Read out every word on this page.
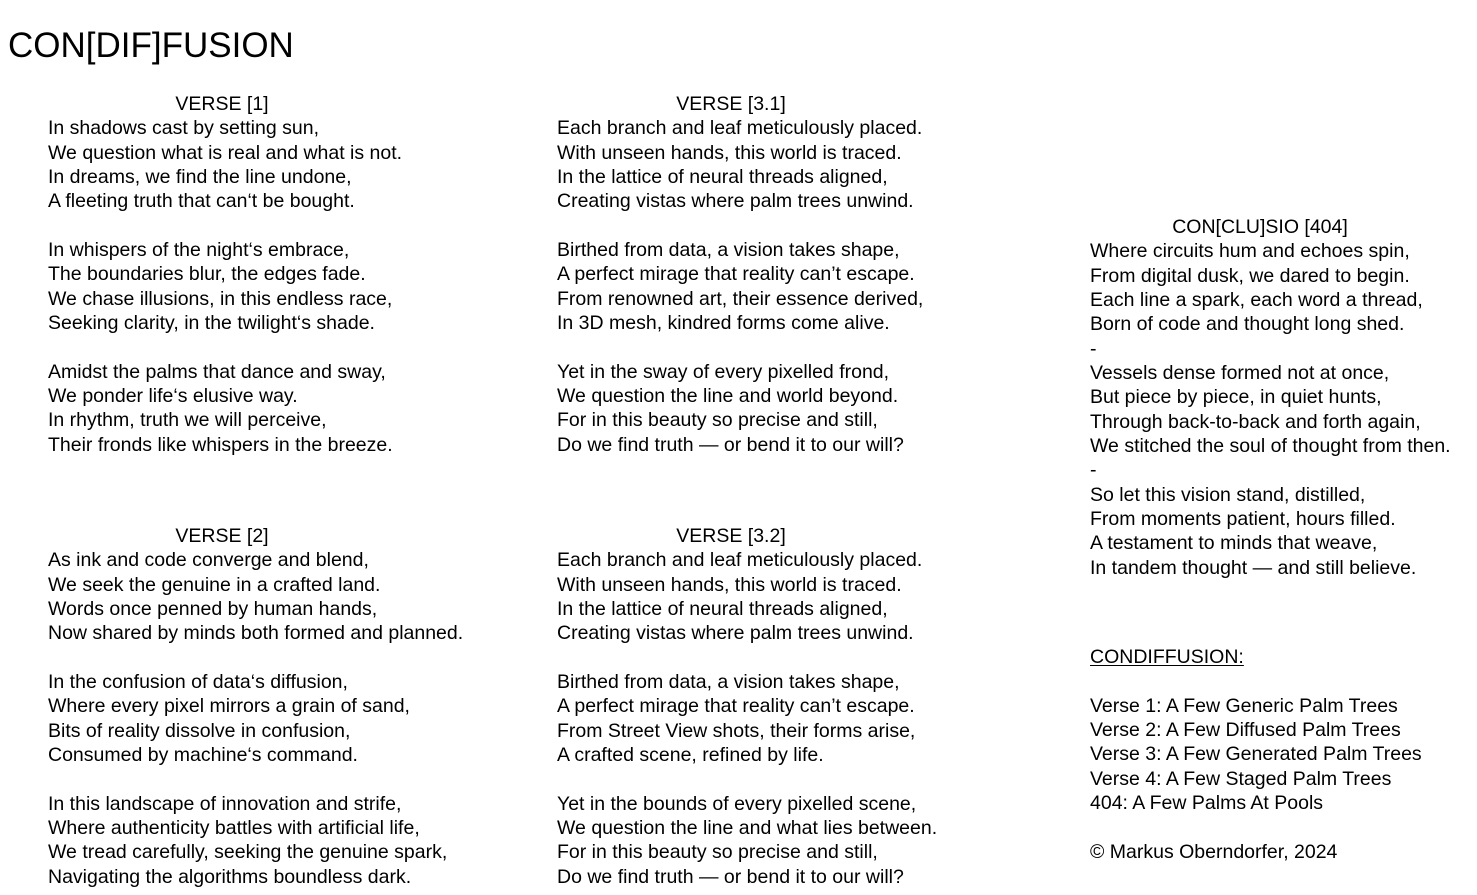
CON[DIF]FUSION
VERSE [1]
In shadows cast by setting sun,
We question what is real and what is not.
In dreams, we find the line undone,
A fleeting truth that can‘t be bought.
In whispers of the night‘s embrace,
The boundaries blur, the edges fade.
We chase illusions, in this endless race,
Seeking clarity, in the twilight‘s shade.
Amidst the palms that dance and sway,
We ponder life‘s elusive way.
In rhythm, truth we will perceive,
Their fronds like whispers in the breeze.
VERSE [2]
As ink and code converge and blend,
We seek the genuine in a crafted land.
Words once penned by human hands,
Now shared by minds both formed and planned.
In the confusion of data‘s diffusion,
Where every pixel mirrors a grain of sand,
Bits of reality dissolve in confusion,
Consumed by machine‘s command.
In this landscape of innovation and strife,
Where authenticity battles with artificial life,
We tread carefully, seeking the genuine spark,
Navigating the algorithms boundless dark.
VERSE [3.1]
Each branch and leaf meticulously placed.
With unseen hands, this world is traced.
In the lattice of neural threads aligned,
Creating vistas where palm trees unwind.
Birthed from data, a vision takes shape,
A perfect mirage that reality can’t escape.
From renowned art, their essence derived,
In 3D mesh, kindred forms come alive.
Yet in the sway of every pixelled frond,
We question the line and world beyond.
For in this beauty so precise and still,
Do we find truth — or bend it to our will?
VERSE [3.2]
Each branch and leaf meticulously placed.
With unseen hands, this world is traced.
In the lattice of neural threads aligned,
Creating vistas where palm trees unwind.
Birthed from data, a vision takes shape,
A perfect mirage that reality can’t escape.
From Street View shots, their forms arise,
A crafted scene, refined by life.
Yet in the bounds of every pixelled scene,
We question the line and what lies between.
For in this beauty so precise and still,
Do we find truth — or bend it to our will?
CON[CLU]SIO [404]
Where circuits hum and echoes spin,
From digital dusk, we dared to begin.
Each line a spark, each word a thread,
Born of code and thought long shed.
-
Vessels dense formed not at once,
But piece by piece, in quiet hunts,
Through back-to-back and forth again,
We stitched the soul of thought from then.
-
So let this vision stand, distilled,
From moments patient, hours filled.
A testament to minds that weave,
In tandem thought — and still believe.
CONDIFFUSION:
Verse 1: A Few Generic Palm Trees
Verse 2: A Few Diffused Palm Trees
Verse 3: A Few Generated Palm Trees
Verse 4: A Few Staged Palm Trees
404: A Few Palms At Pools
© Markus Oberndorfer, 2024
